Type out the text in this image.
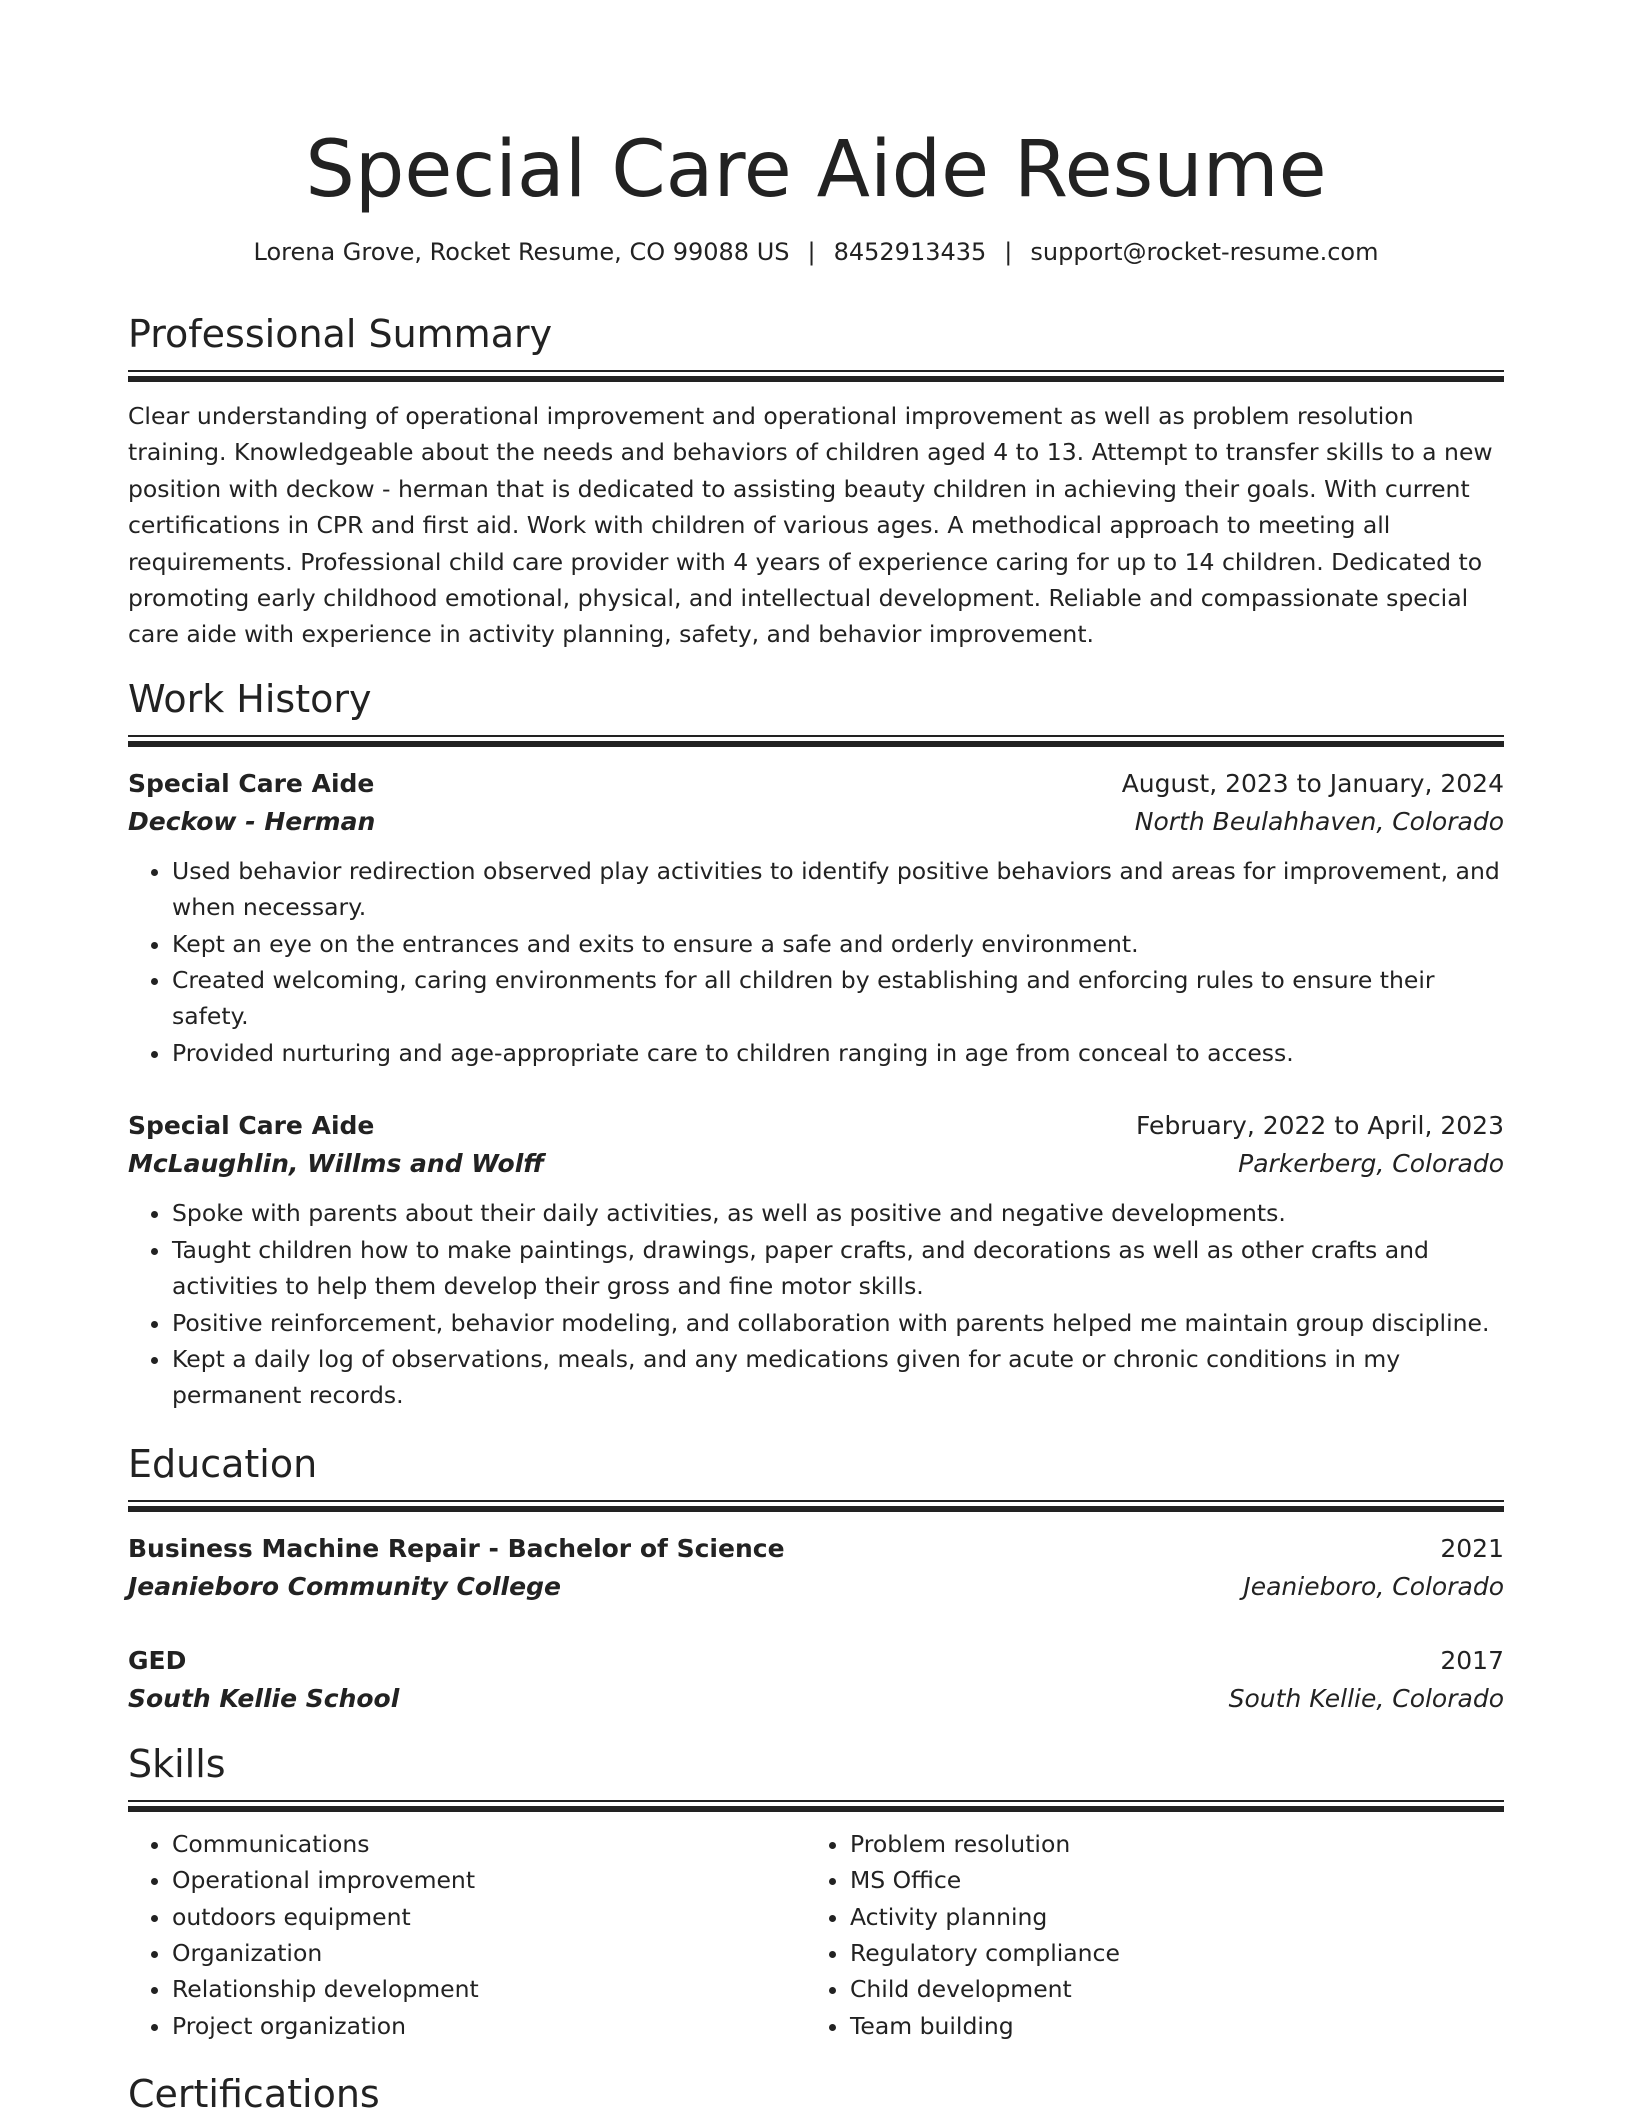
Special Care Aide Resume
Lorena Grove, Rocket Resume, CO 99088 US | 8452913435 | support@rocket-resume.com
Professional Summary

Clear understanding of operational improvement and operational improvement as well as problem resolution training. Knowledgeable about the needs and behaviors of children aged 4 to 13. Attempt to transfer skills to a new position with deckow - herman that is dedicated to assisting beauty children in achieving their goals. With current certifications in CPR and first aid. Work with children of various ages. A methodical approach to meeting all requirements. Professional child care provider with 4 years of experience caring for up to 14 children. Dedicated to promoting early childhood emotional, physical, and intellectual development. Reliable and compassionate special care aide with experience in activity planning, safety, and behavior improvement.

Work History
Special Care Aide	August, 2023 to January, 2024
Deckow - Herman	North Beulahhaven, Colorado
• Used behavior redirection observed play activities to identify positive behaviors and areas for improvement, and when necessary.
• Kept an eye on the entrances and exits to ensure a safe and orderly environment.
• Created welcoming, caring environments for all children by establishing and enforcing rules to ensure their safety.
• Provided nurturing and age-appropriate care to children ranging in age from conceal to access.
Special Care Aide	February, 2022 to April, 2023
McLaughlin, Willms and Wolff	Parkerberg, Colorado
• Spoke with parents about their daily activities, as well as positive and negative developments.
• Taught children how to make paintings, drawings, paper crafts, and decorations as well as other crafts and activities to help them develop their gross and fine motor skills.
• Positive reinforcement, behavior modeling, and collaboration with parents helped me maintain group discipline.
• Kept a daily log of observations, meals, and any medications given for acute or chronic conditions in my permanent records.
Education
Business Machine Repair - Bachelor of Science	2021
Jeanieboro Community College	Jeanieboro, Colorado
GED	2017
South Kellie School	South Kellie, Colorado
Skills
• Communications
• Operational improvement
• outdoors equipment
• Organization
• Relationship development
• Project organization
• Problem resolution
• MS Office
• Activity planning
• Regulatory compliance
• Child development
• Team building
Certifications
